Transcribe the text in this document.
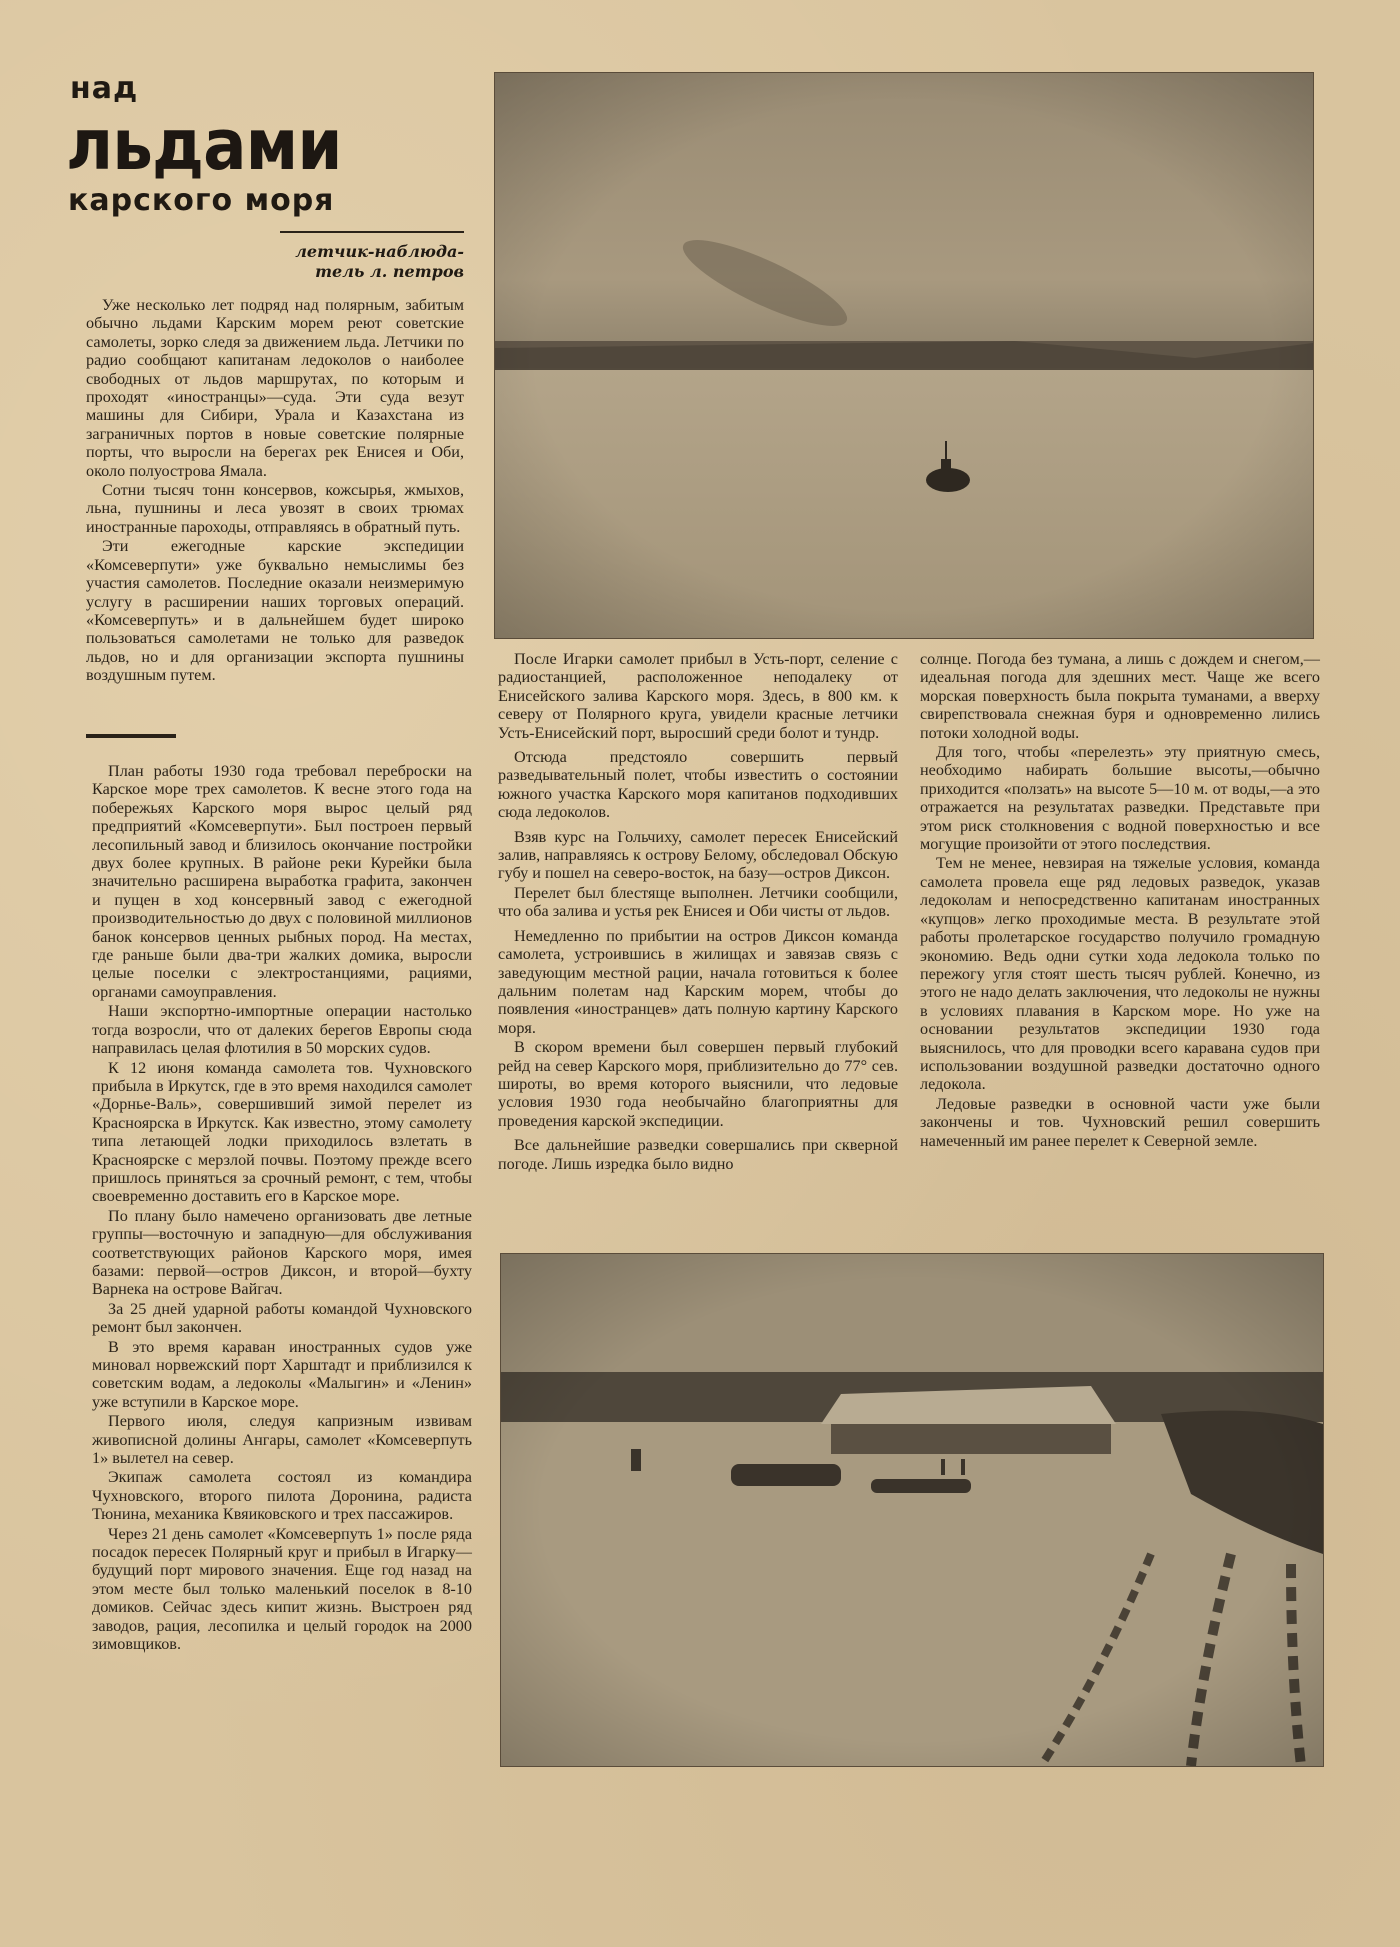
над
льдами
карского моря
летчик-наблюда-тель л. петров

Уже несколько лет подряд над полярным, забитым обычно льдами Карским морем реют советские самолеты, зорко следя за движением льда. Летчики по радио сообщают капитанам ледоколов о наиболее свободных от льдов маршрутах, по которым и проходят «иностранцы»—суда. Эти суда везут машины для Сибири, Урала и Казахстана из заграничных портов в новые советские полярные порты, что выросли на берегах рек Енисея и Оби, около полуострова Ямала.

Сотни тысяч тонн консервов, кожсырья, жмыхов, льна, пушнины и леса увозят в своих трюмах иностранные пароходы, отправляясь в обратный путь.

Эти ежегодные карские экспедиции «Комсеверпути» уже буквально немыслимы без участия самолетов. Последние оказали неизмеримую услугу в расширении наших торговых операций. «Комсеверпуть» и в дальнейшем будет широко пользоваться самолетами не только для разведок льдов, но и для организации экспорта пушнины воздушным путем.

План работы 1930 года требовал переброски на Карское море трех самолетов. К весне этого года на побережьях Карского моря вырос целый ряд предприятий «Комсеверпути». Был построен первый лесопильный завод и близилось окончание постройки двух более крупных. В районе реки Курейки была значительно расширена выработка графита, закончен и пущен в ход консервный завод с ежегодной производительностью до двух с половиной миллионов банок консервов ценных рыбных пород. На местах, где раньше были два-три жалких домика, выросли целые поселки с электростанциями, рациями, органами самоуправления.

Наши экспортно-импортные операции настолько тогда возросли, что от далеких берегов Европы сюда направилась целая флотилия в 50 морских судов.

К 12 июня команда самолета тов. Чухновского прибыла в Иркутск, где в это время находился самолет «Дорнье-Валь», совершивший зимой перелет из Красноярска в Иркутск. Как известно, этому самолету типа летающей лодки приходилось взлетать в Красноярске с мерзлой почвы. Поэтому прежде всего пришлось приняться за срочный ремонт, с тем, чтобы своевременно доставить его в Карское море.

По плану было намечено организовать две летные группы—восточную и западную—для обслуживания соответствующих районов Карского моря, имея базами: первой—остров Диксон, и второй—бухту Варнека на острове Вайгач.

За 25 дней ударной работы командой Чухновского ремонт был закончен.

В это время караван иностранных судов уже миновал норвежский порт Харштадт и приблизился к советским водам, а ледоколы «Малыгин» и «Ленин» уже вступили в Карское море.

Первого июля, следуя капризным извивам живописной долины Ангары, самолет «Комсеверпуть 1» вылетел на север.

Экипаж самолета состоял из командира Чухновского, второго пилота Доронина, радиста Тюнина, механика Квяиковского и трех пассажиров.

Через 21 день самолет «Комсеверпуть 1» после ряда посадок пересек Полярный круг и прибыл в Игарку—будущий порт мирового значения. Еще год назад на этом месте был только маленький поселок в 8-10 домиков. Сейчас здесь кипит жизнь. Выстроен ряд заводов, рация, лесопилка и целый городок на 2000 зимовщиков.

После Игарки самолет прибыл в Усть-порт, селение с радиостанцией, расположенное неподалеку от Енисейского залива Карского моря. Здесь, в 800 км. к северу от Полярного круга, увидели красные летчики Усть-Енисейский порт, выросший среди болот и тундр.

Отсюда предстояло совершить первый разведывательный полет, чтобы известить о состоянии южного участка Карского моря капитанов подходивших сюда ледоколов.

Взяв курс на Гольчиху, самолет пересек Енисейский залив, направляясь к острову Белому, обследовал Обскую губу и пошел на северо-восток, на базу—остров Диксон.

Перелет был блестяще выполнен. Летчики сообщили, что оба залива и устья рек Енисея и Оби чисты от льдов.

Немедленно по прибытии на остров Диксон команда самолета, устроившись в жилищах и завязав связь с заведующим местной рации, начала готовиться к более дальним полетам над Карским морем, чтобы до появления «иностранцев» дать полную картину Карского моря.

В скором времени был совершен первый глубокий рейд на север Карского моря, приблизительно до 77° сев. широты, во время которого выяснили, что ледовые условия 1930 года необычайно благоприятны для проведения карской экспедиции.

Все дальнейшие разведки совершались при скверной погоде. Лишь изредка было видно

солнце. Погода без тумана, а лишь с дождем и снегом,—идеальная погода для здешних мест. Чаще же всего морская поверхность была покрыта туманами, а вверху свирепствовала снежная буря и одновременно лились потоки холодной воды.

Для того, чтобы «перелезть» эту приятную смесь, необходимо набирать большие высоты,—обычно приходится «ползать» на высоте 5—10 м. от воды,—а это отражается на результатах разведки. Представьте при этом риск столкновения с водной поверхностью и все могущие произойти от этого последствия.

Тем не менее, невзирая на тяжелые условия, команда самолета провела еще ряд ледовых разведок, указав ледоколам и непосредственно капитанам иностранных «купцов» легко проходимые места. В результате этой работы пролетарское государство получило громадную экономию. Ведь одни сутки хода ледокола только по пережогу угля стоят шесть тысяч рублей. Конечно, из этого не надо делать заключения, что ледоколы не нужны в условиях плавания в Карском море. Но уже на основании результатов экспедиции 1930 года выяснилось, что для проводки всего каравана судов при использовании воздушной разведки достаточно одного ледокола.

Ледовые разведки в основной части уже были закончены и тов. Чухновский решил совершить намеченный им ранее перелет к Северной земле.
